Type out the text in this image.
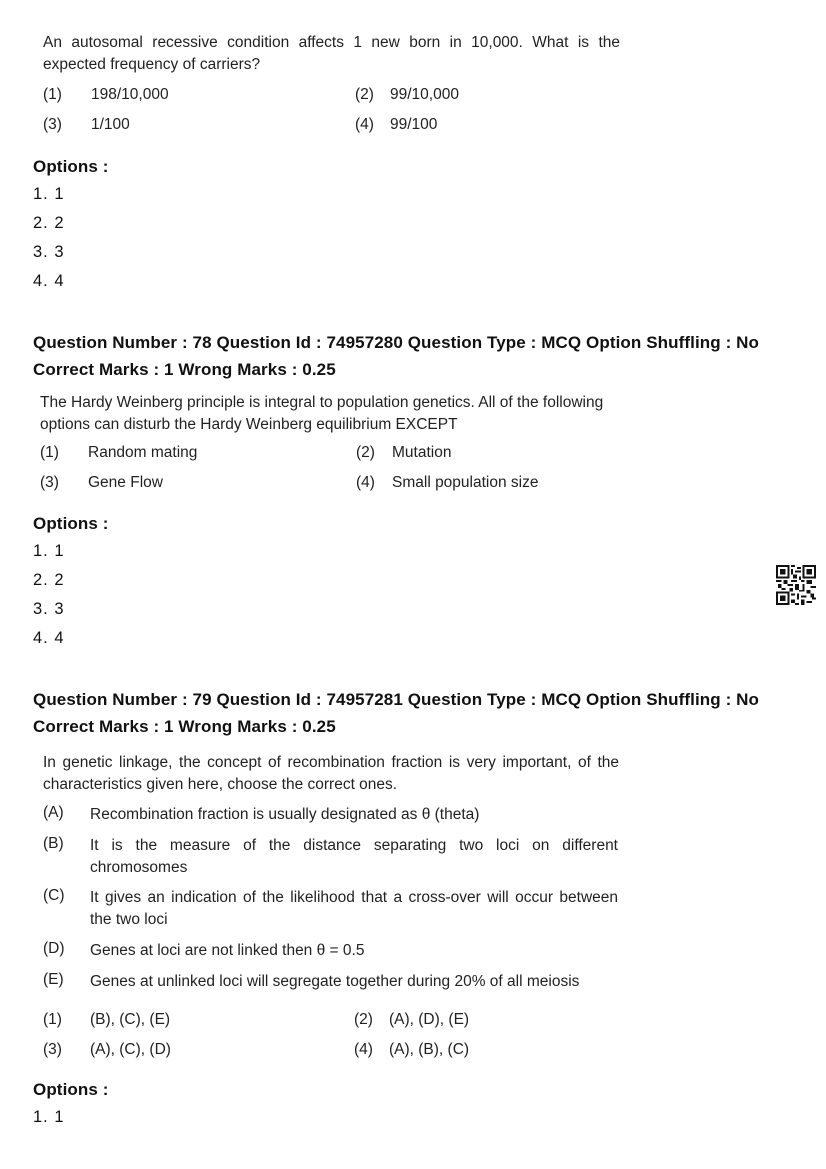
An autosomal recessive condition affects 1 new born in 10,000. What is the expected frequency of carriers?
(1) 198/10,000	(2) 99/10,000
(3) 1/100	(4) 99/100
Options :
1. 1
2. 2
3. 3
4. 4
Question Number : 78 Question Id : 74957280 Question Type : MCQ Option Shuffling : No
Correct Marks : 1 Wrong Marks : 0.25
The Hardy Weinberg principle is integral to population genetics. All of the following
options can disturb the Hardy Weinberg equilibrium EXCEPT
(1) Random mating	(2) Mutation
(3) Gene Flow	(4) Small population size
Options :
1. 1
2. 2
3. 3
4. 4
Question Number : 79 Question Id : 74957281 Question Type : MCQ Option Shuffling : No
Correct Marks : 1 Wrong Marks : 0.25
In genetic linkage, the concept of recombination fraction is very important, of the characteristics given here, choose the correct ones.
(A) Recombination fraction is usually designated as θ (theta)
(B) It is the measure of the distance separating two loci on different chromosomes
(C) It gives an indication of the likelihood that a cross-over will occur between the two loci
(D) Genes at loci are not linked then θ = 0.5
(E) Genes at unlinked loci will segregate together during 20% of all meiosis
(1) (B), (C), (E)	(2) (A), (D), (E)
(3) (A), (C), (D)	(4) (A), (B), (C)
Options :
1. 1
